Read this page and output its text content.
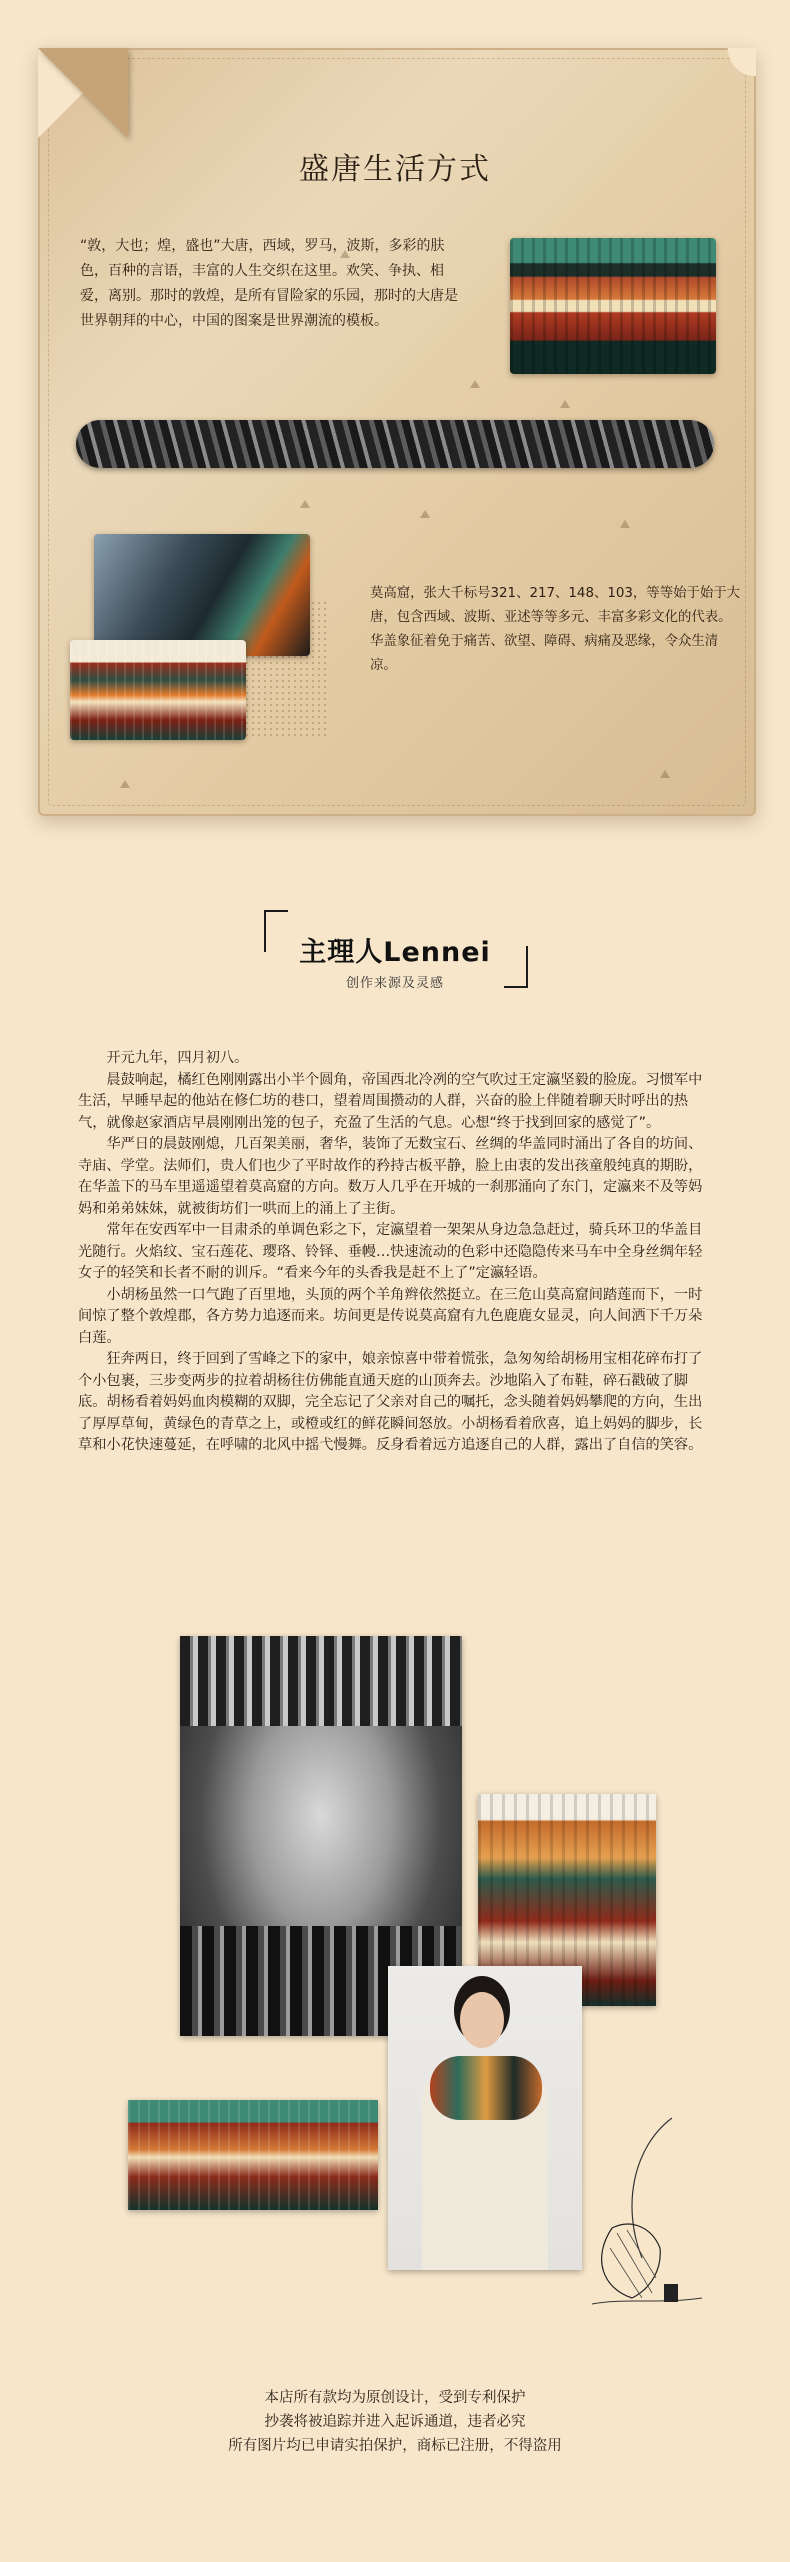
盛唐生活方式
“敦，大也；煌，盛也”大唐，西域，罗马，波斯，多彩的肤色，百种的言语，丰富的人生交织在这里。欢笑、争执、相爱，离别。那时的敦煌，是所有冒险家的乐园，那时的大唐是世界朝拜的中心，中国的图案是世界潮流的模板。

莫高窟，张大千标号321、217、148、103，等等始于始于大唐，包含西域、波斯、亚述等等多元、丰富多彩文化的代表。

华盖象征着免于痛苦、欲望、障碍、病痛及恶缘，令众生清凉。

主理人Lennei
创作来源及灵感

开元九年，四月初八。

晨鼓响起，橘红色刚刚露出小半个圆角，帝国西北冷冽的空气吹过王定瀛坚毅的脸庞。习惯军中生活，早睡早起的他站在修仁坊的巷口，望着周围攒动的人群，兴奋的脸上伴随着聊天时呼出的热气，就像赵家酒店早晨刚刚出笼的包子，充盈了生活的气息。心想“终于找到回家的感觉了”。

华严日的晨鼓刚熄，几百架美丽，奢华，装饰了无数宝石、丝绸的华盖同时涌出了各自的坊间、寺庙、学堂。法师们，贵人们也少了平时故作的矜持古板平静，脸上由衷的发出孩童般纯真的期盼，在华盖下的马车里遥遥望着莫高窟的方向。数万人几乎在开城的一刹那涌向了东门，定瀛来不及等妈妈和弟弟妹妹，就被街坊们一哄而上的涌上了主街。

常年在安西军中一目肃杀的单调色彩之下，定瀛望着一架架从身边急急赶过，骑兵环卫的华盖目光随行。火焰纹、宝石莲花、璎珞、铃铎、垂幔…快速流动的色彩中还隐隐传来马车中全身丝绸年轻女子的轻笑和长者不耐的训斥。“看来今年的头香我是赶不上了”定瀛轻语。

小胡杨虽然一口气跑了百里地，头顶的两个羊角辫依然挺立。在三危山莫高窟间踏莲而下，一时间惊了整个敦煌郡，各方势力追逐而来。坊间更是传说莫高窟有九色鹿鹿女显灵，向人间洒下千万朵白莲。

狂奔两日，终于回到了雪峰之下的家中，娘亲惊喜中带着慌张，急匆匆给胡杨用宝相花碎布打了个小包裹，三步变两步的拉着胡杨往仿佛能直通天庭的山顶奔去。沙地陷入了布鞋，碎石戳破了脚底。胡杨看着妈妈血肉模糊的双脚，完全忘记了父亲对自己的嘱托，念头随着妈妈攀爬的方向，生出了厚厚草甸，黄绿色的青草之上，或橙或红的鲜花瞬间怒放。小胡杨看着欣喜，追上妈妈的脚步，长草和小花快速蔓延，在呼啸的北风中摇弋慢舞。反身看着远方追逐自己的人群，露出了自信的笑容。

本店所有款均为原创设计，受到专利保护
抄袭将被追踪并进入起诉通道，违者必究
所有图片均已申请实拍保护，商标已注册，不得盗用
